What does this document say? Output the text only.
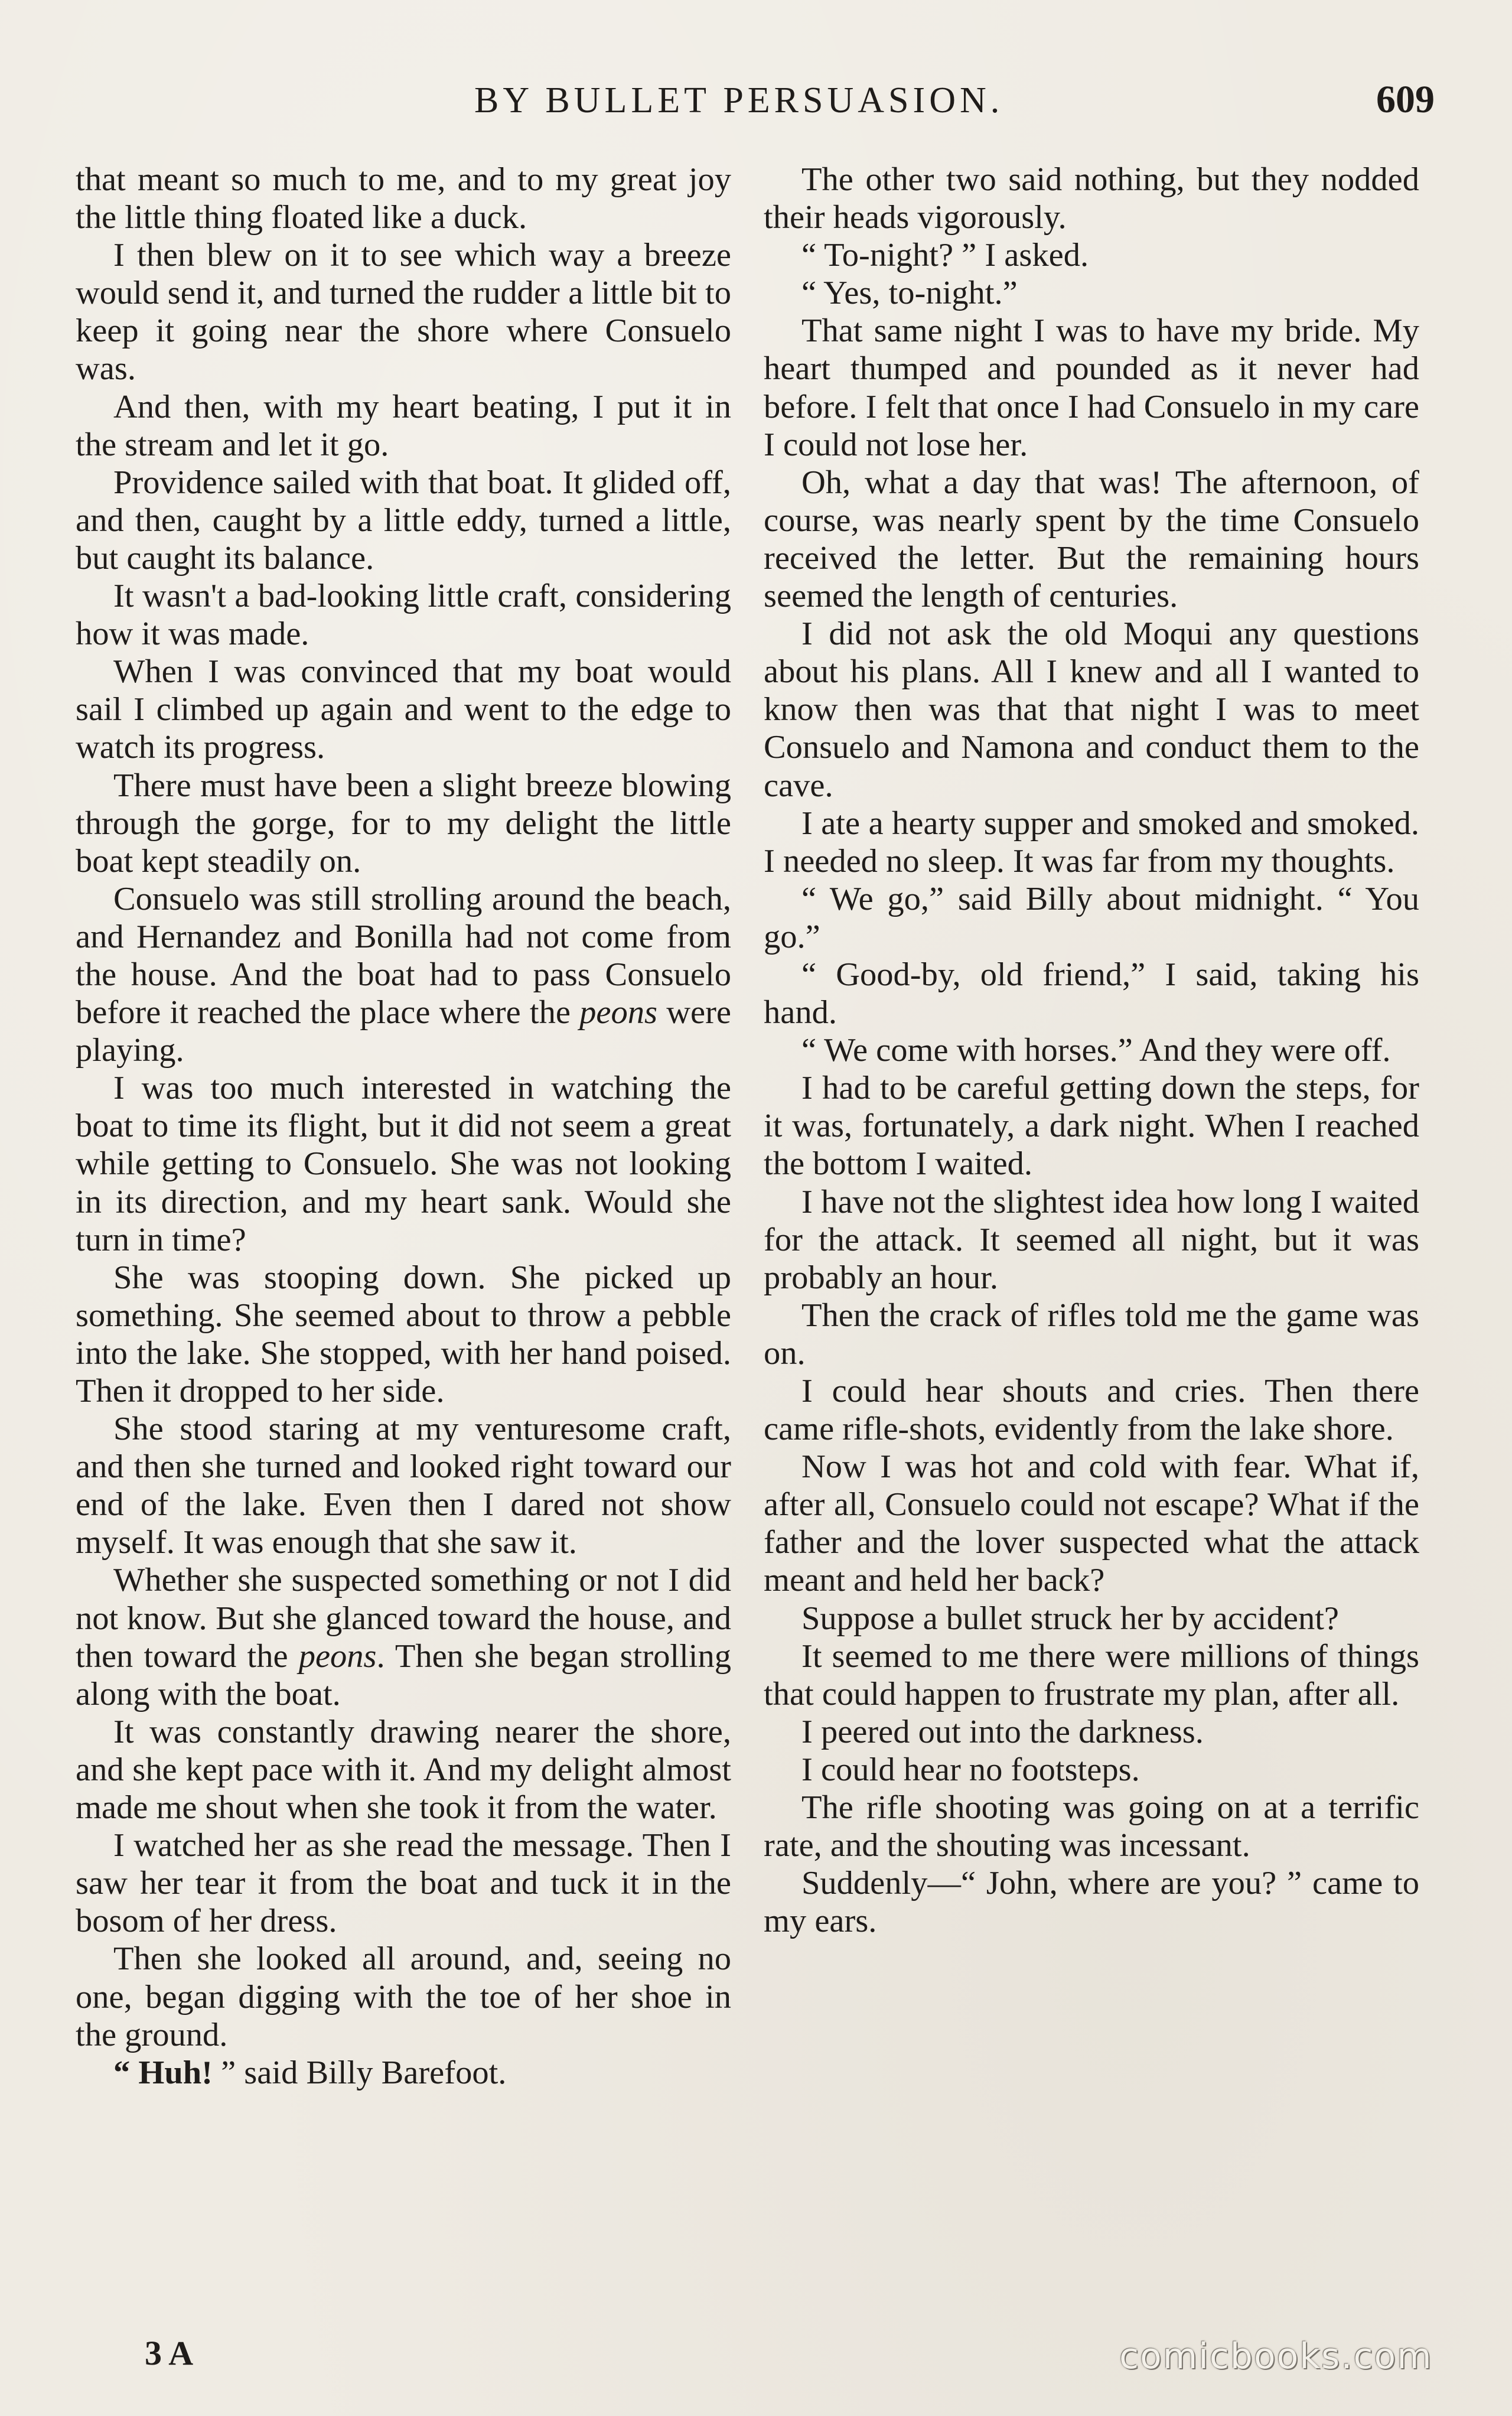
BY BULLET PERSUASION.	609

that meant so much to me, and to my great joy the little thing floated like a duck.

I then blew on it to see which way a breeze would send it, and turned the rudder a little bit to keep it going near the shore where Consuelo was.

And then, with my heart beating, I put it in the stream and let it go.

Providence sailed with that boat. It glided off, and then, caught by a little eddy, turned a little, but caught its balance.

It wasn't a bad-looking little craft, considering how it was made.

When I was convinced that my boat would sail I climbed up again and went to the edge to watch its progress.

There must have been a slight breeze blowing through the gorge, for to my delight the little boat kept steadily on.

Consuelo was still strolling around the beach, and Hernandez and Bonilla had not come from the house. And the boat had to pass Consuelo before it reached the place where the peons were playing.

I was too much interested in watching the boat to time its flight, but it did not seem a great while getting to Consuelo. She was not looking in its direction, and my heart sank. Would she turn in time?

She was stooping down. She picked up something. She seemed about to throw a pebble into the lake. She stopped, with her hand poised. Then it dropped to her side.

She stood staring at my venturesome craft, and then she turned and looked right toward our end of the lake. Even then I dared not show myself. It was enough that she saw it.

Whether she suspected something or not I did not know. But she glanced toward the house, and then toward the peons. Then she began strolling along with the boat.

It was constantly drawing nearer the shore, and she kept pace with it. And my delight almost made me shout when she took it from the water.

I watched her as she read the message. Then I saw her tear it from the boat and tuck it in the bosom of her dress.

Then she looked all around, and, seeing no one, began digging with the toe of her shoe in the ground.

“ Huh! ” said Billy Barefoot.

The other two said nothing, but they nodded their heads vigorously.

“ To-night? ” I asked.

“ Yes, to-night.”

That same night I was to have my bride. My heart thumped and pounded as it never had before. I felt that once I had Consuelo in my care I could not lose her.

Oh, what a day that was! The afternoon, of course, was nearly spent by the time Consuelo received the letter. But the remaining hours seemed the length of centuries.

I did not ask the old Moqui any questions about his plans. All I knew and all I wanted to know then was that that night I was to meet Consuelo and Namona and conduct them to the cave.

I ate a hearty supper and smoked and smoked. I needed no sleep. It was far from my thoughts.

“ We go,” said Billy about midnight. “ You go.”

“ Good-by, old friend,” I said, taking his hand.

“ We come with horses.” And they were off.

I had to be careful getting down the steps, for it was, fortunately, a dark night. When I reached the bottom I waited.

I have not the slightest idea how long I waited for the attack. It seemed all night, but it was probably an hour.

Then the crack of rifles told me the game was on.

I could hear shouts and cries. Then there came rifle-shots, evidently from the lake shore.

Now I was hot and cold with fear. What if, after all, Consuelo could not escape? What if the father and the lover suspected what the attack meant and held her back?

Suppose a bullet struck her by accident?

It seemed to me there were millions of things that could happen to frustrate my plan, after all.

I peered out into the darkness.

I could hear no footsteps.

The rifle shooting was going on at a terrific rate, and the shouting was incessant.

Suddenly—“ John, where are you? ” came to my ears.

3 A	comicbooks.com
